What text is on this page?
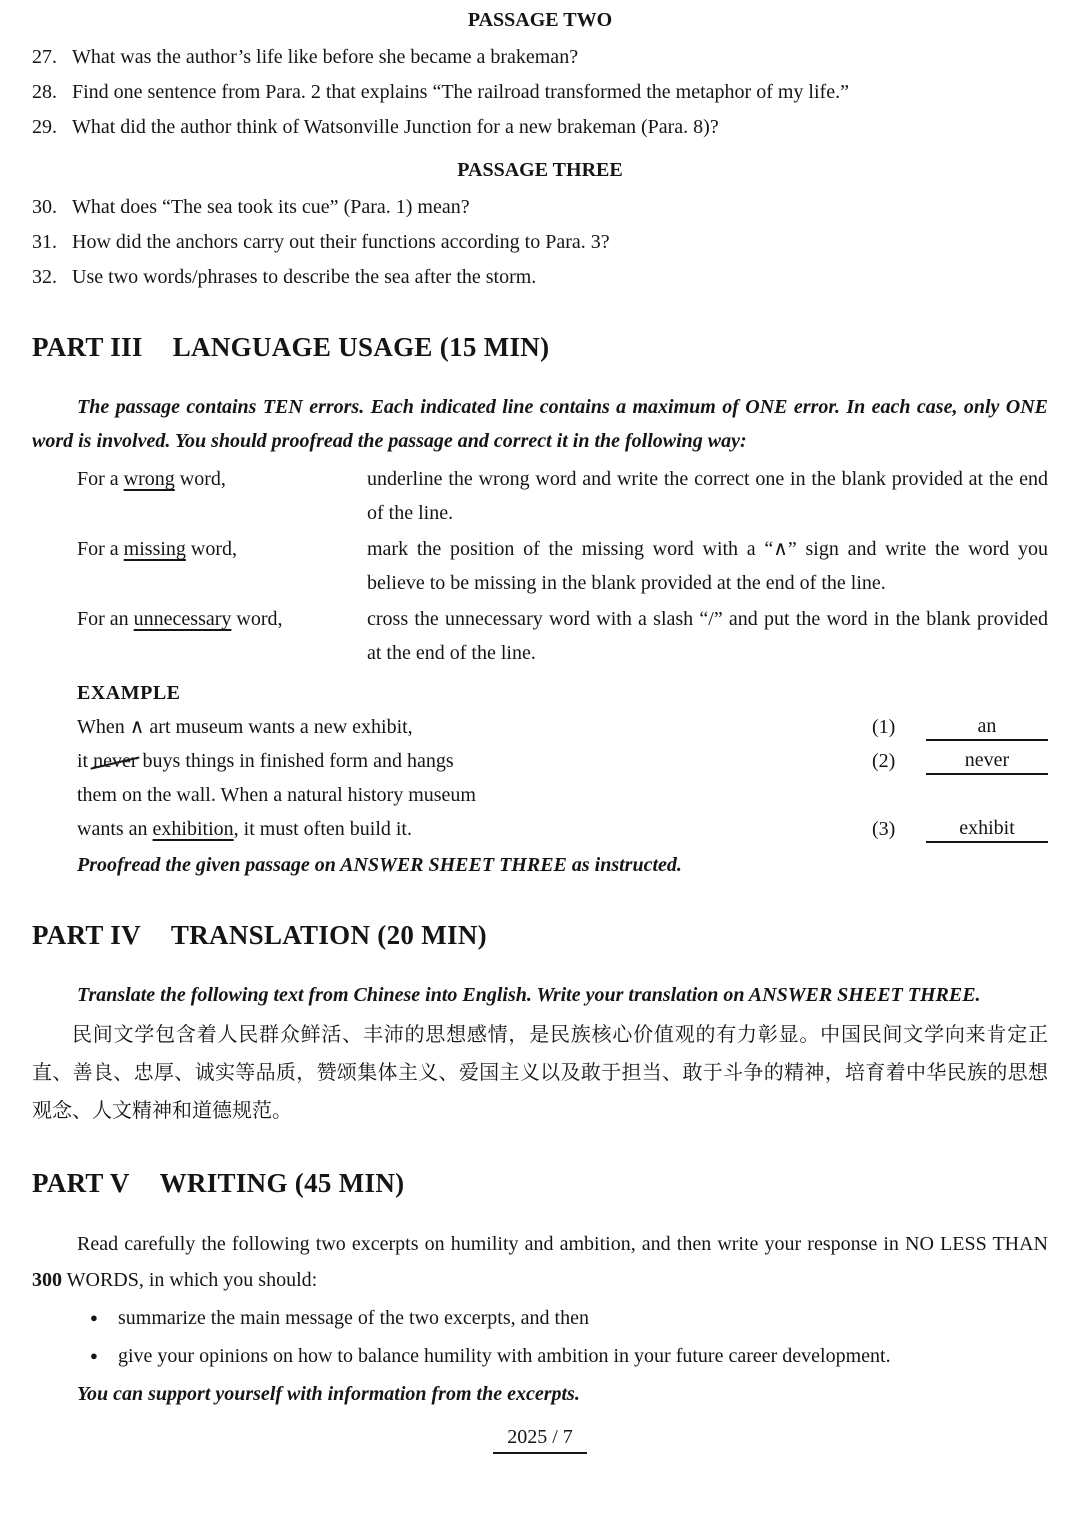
PASSAGE TWO
27. What was the author’s life like before she became a brakeman?
28. Find one sentence from Para. 2 that explains “The railroad transformed the metaphor of my life.”
29. What did the author think of Watsonville Junction for a new brakeman (Para. 8)?
PASSAGE THREE
30. What does “The sea took its cue” (Para. 1) mean?
31. How did the anchors carry out their functions according to Para. 3?
32. Use two words/phrases to describe the sea after the storm.
PART III LANGUAGE USAGE (15 MIN)

The passage contains TEN errors. Each indicated line contains a maximum of ONE error. In each case, only ONE word is involved. You should proofread the passage and correct it in the following way:

For a wrong word,	underline the wrong word and write the correct one in the blank provided at the end of the line.
For a missing word,	mark the position of the missing word with a “∧” sign and write the word you believe to be missing in the blank provided at the end of the line.
For an unnecessary word,	cross the unnecessary word with a slash “/” and put the word in the blank provided at the end of the line.
EXAMPLE
When ∧ art museum wants a new exhibit,	(1)	an
it never buys things in finished form and hangs	(2)	never
them on the wall. When a natural history museum
wants an exhibition, it must often build it.	(3)	exhibit
Proofread the given passage on ANSWER SHEET THREE as instructed.
PART IV TRANSLATION (20 MIN)

Translate the following text from Chinese into English. Write your translation on ANSWER SHEET THREE.

民间文学包含着人民群众鲜活、丰沛的思想感情，是民族核心价值观的有力彰显。中国民间文学向来肯定正直、善良、忠厚、诚实等品质，赞颂集体主义、爱国主义以及敢于担当、敢于斗争的精神，培育着中华民族的思想观念、人文精神和道德规范。

PART V WRITING (45 MIN)

Read carefully the following two excerpts on humility and ambition, and then write your response in NO LESS THAN 300 WORDS, in which you should:

●	summarize the main message of the two excerpts, and then
●	give your opinions on how to balance humility with ambition in your future career development.
You can support yourself with information from the excerpts.
2025 / 7
